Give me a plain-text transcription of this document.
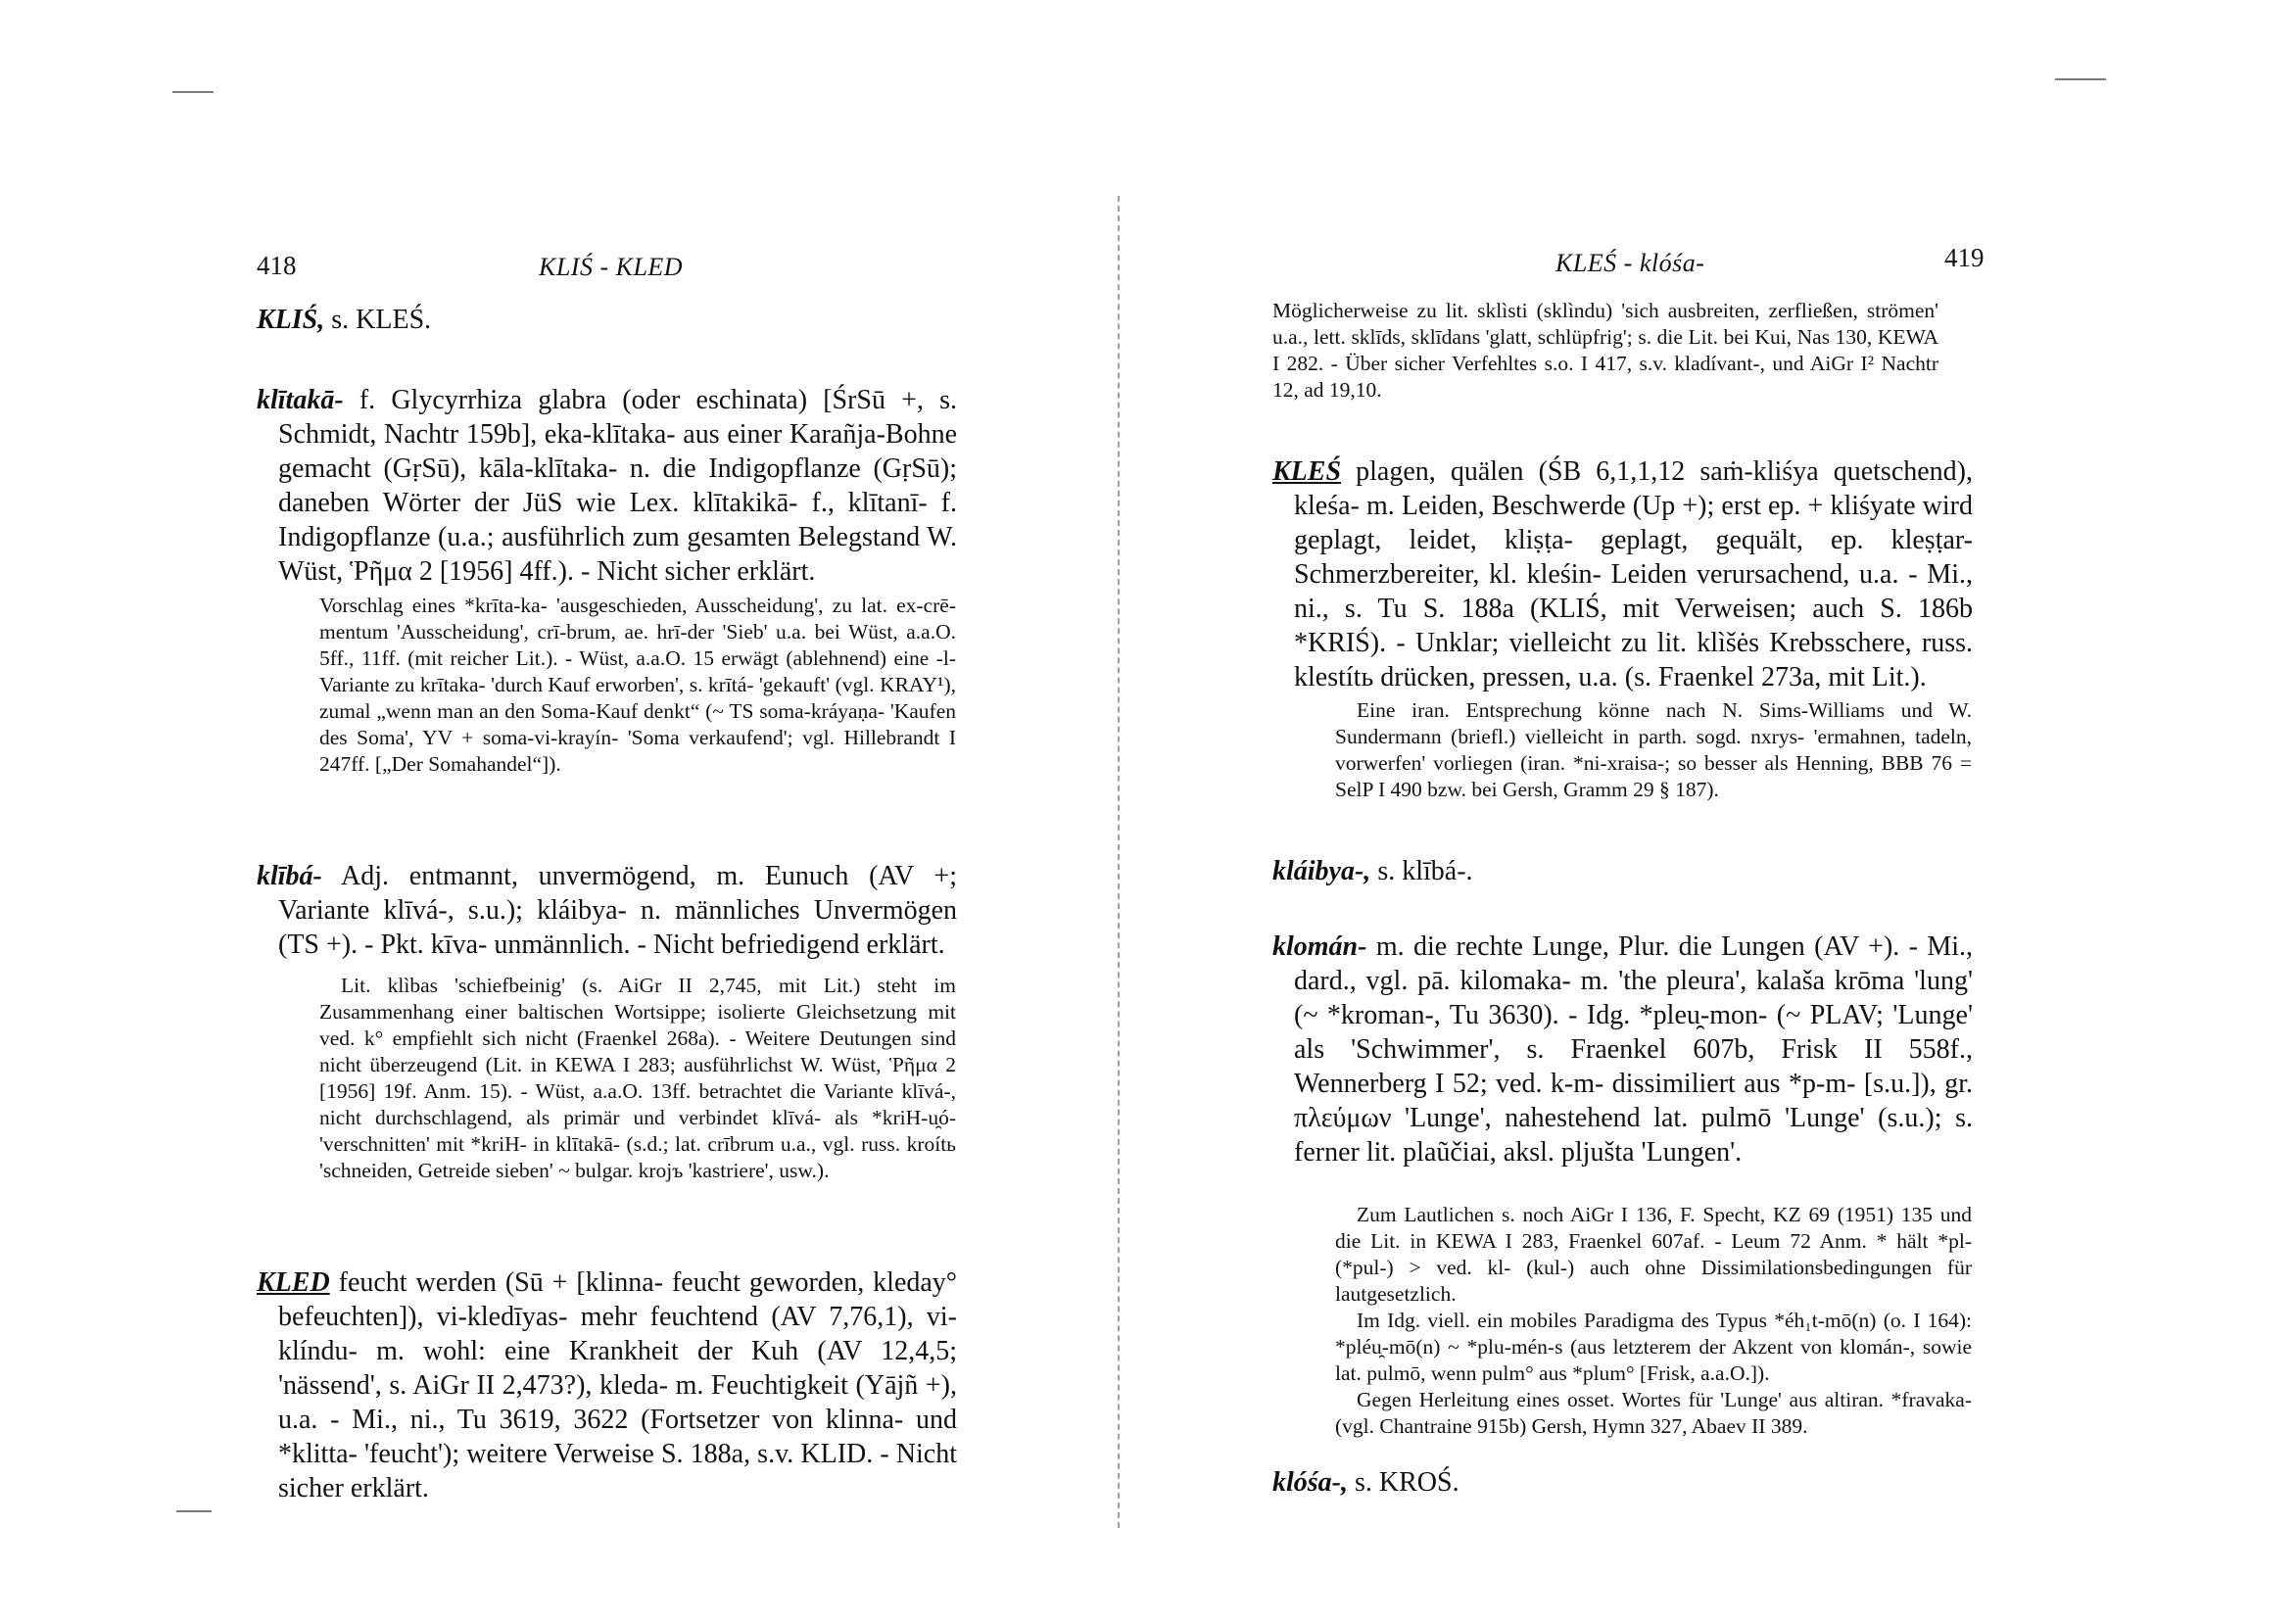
418	KLIŚ - KLED
KLIŚ, s. KLEŚ.
klītakā- f. Glycyrrhiza glabra (oder eschinata) [ŚrSū +, s. Schmidt, Nachtr 159b], eka-klītaka- aus einer Karañja-Bohne gemacht (GṛSū), kāla-klītaka- n. die Indigopflanze (GṛSū); daneben Wörter der JüS wie Lex. klītakikā- f., klītanī- f. Indigopflanze (u.a.; ausführlich zum gesamten Belegstand W. Wüst, Ῥῆμα 2 [1956] 4ff.). - Nicht sicher erklärt.

Vorschlag eines *krīta-ka- 'ausgeschieden, Ausscheidung', zu lat. ex-crē-mentum 'Ausscheidung', crī-brum, ae. hrī-der 'Sieb' u.a. bei Wüst, a.a.O. 5ff., 11ff. (mit reicher Lit.). - Wüst, a.a.O. 15 erwägt (ablehnend) eine -l-Variante zu krītaka- 'durch Kauf erworben', s. krītá- 'gekauft' (vgl. KRAY¹), zumal „wenn man an den Soma-Kauf denkt“ (~ TS soma-kráyaṇa- 'Kaufen des Soma', YV + soma-vi-krayín- 'Soma verkaufend'; vgl. Hillebrandt I 247ff. [„Der Somahandel“]).

klībá- Adj. entmannt, unvermögend, m. Eunuch (AV +; Variante klīvá-, s.u.); kláibya- n. männliches Unvermögen (TS +). - Pkt. kīva- unmännlich. - Nicht befriedigend erklärt.

Lit. klìbas 'schiefbeinig' (s. AiGr II 2,745, mit Lit.) steht im Zusammenhang einer baltischen Wortsippe; isolierte Gleichsetzung mit ved. k° empfiehlt sich nicht (Fraenkel 268a). - Weitere Deutungen sind nicht überzeugend (Lit. in KEWA I 283; ausführlichst W. Wüst, Ῥῆμα 2 [1956] 19f. Anm. 15). - Wüst, a.a.O. 13ff. betrachtet die Variante klīvá-, nicht durchschlagend, als primär und verbindet klīvá- als *kriH-u̯ó- 'verschnitten' mit *kriH- in klītakā- (s.d.; lat. crībrum u.a., vgl. russ. kroítь 'schneiden, Getreide sieben' ~ bulgar. krojъ 'kastriere', usw.).

KLED feucht werden (Sū + [klinna- feucht geworden, kleday° befeuchten]), vi-kledīyas- mehr feuchtend (AV 7,76,1), vi-klíndu- m. wohl: eine Krankheit der Kuh (AV 12,4,5; 'nässend', s. AiGr II 2,473?), kleda- m. Feuchtigkeit (Yājñ +), u.a. - Mi., ni., Tu 3619, 3622 (Fortsetzer von klinna- und *klitta- 'feucht'); weitere Verweise S. 188a, s.v. KLID. - Nicht sicher erklärt.
KLEŚ - klóśa-	419

Möglicherweise zu lit. sklìsti (sklìndu) 'sich ausbreiten, zerfließen, strömen' u.a., lett. sklīds, sklīdans 'glatt, schlüpfrig'; s. die Lit. bei Kui, Nas 130, KEWA I 282. - Über sicher Verfehltes s.o. I 417, s.v. kladívant-, und AiGr I² Nachtr 12, ad 19,10.

KLEŚ plagen, quälen (ŚB 6,1,1,12 saṁ-kliśya quetschend), kleśa- m. Leiden, Beschwerde (Up +); erst ep. + kliśyate wird geplagt, leidet, kliṣṭa- geplagt, gequält, ep. kleṣṭar- Schmerzbereiter, kl. kleśin- Leiden verursachend, u.a. - Mi., ni., s. Tu S. 188a (KLIŚ, mit Verweisen; auch S. 186b *KRIŚ). - Unklar; vielleicht zu lit. klìšės Krebsschere, russ. klestítь drücken, pressen, u.a. (s. Fraenkel 273a, mit Lit.).

Eine iran. Entsprechung könne nach N. Sims-Williams und W. Sundermann (briefl.) vielleicht in parth. sogd. nxrys- 'ermahnen, tadeln, vorwerfen' vorliegen (iran. *ni-xraisa-; so besser als Henning, BBB 76 = SelP I 490 bzw. bei Gersh, Gramm 29 § 187).

kláibya-, s. klībá-.
klomán- m. die rechte Lunge, Plur. die Lungen (AV +). - Mi., dard., vgl. pā. kilomaka- m. 'the pleura', kalaša krōma 'lung' (~ *kroman-, Tu 3630). - Idg. *pleu̯-mon- (~ PLAV; 'Lunge' als 'Schwimmer', s. Fraenkel 607b, Frisk II 558f., Wennerberg I 52; ved. k-m- dissimiliert aus *p-m- [s.u.]), gr. πλεύμων 'Lunge', nahestehend lat. pulmō 'Lunge' (s.u.); s. ferner lit. plaũčiai, aksl. pljušta 'Lungen'.

Zum Lautlichen s. noch AiGr I 136, F. Specht, KZ 69 (1951) 135 und die Lit. in KEWA I 283, Fraenkel 607af. - Leum 72 Anm. * hält *pl- (*pul-) > ved. kl- (kul-) auch ohne Dissimilationsbedingungen für lautgesetzlich.

Im Idg. viell. ein mobiles Paradigma des Typus *éh₁t-mō(n) (o. I 164): *pléu̯-mō(n) ~ *plu-mén-s (aus letzterem der Akzent von klomán-, sowie lat. pulmō, wenn pulm° aus *plum° [Frisk, a.a.O.]).

Gegen Herleitung eines osset. Wortes für 'Lunge' aus altiran. *fravaka- (vgl. Chantraine 915b) Gersh, Hymn 327, Abaev II 389.

klóśa-, s. KROŚ.
